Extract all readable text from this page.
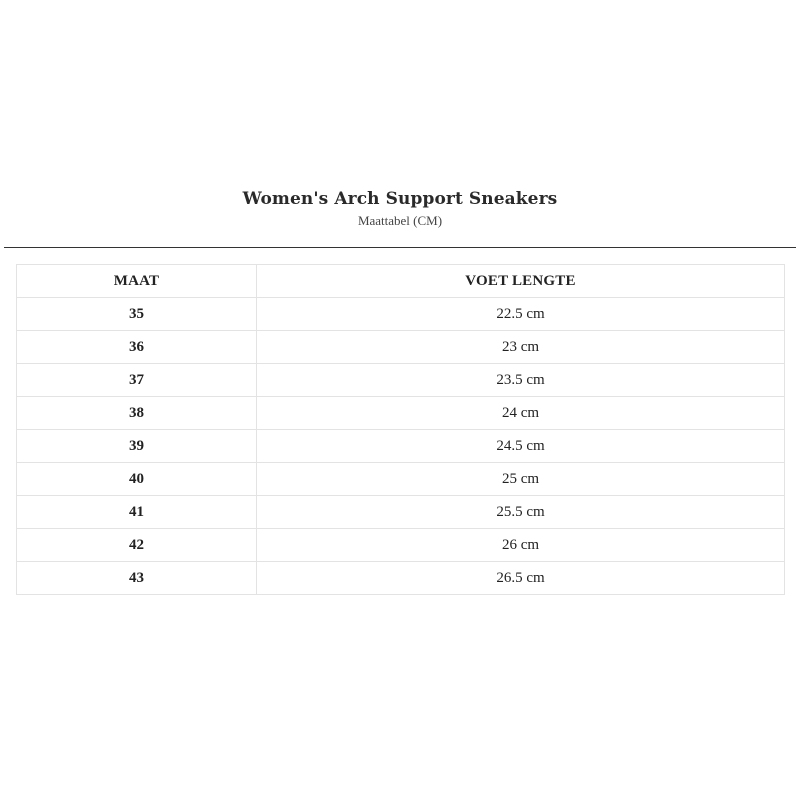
Women's Arch Support Sneakers
Maattabel (CM)
MAAT	VOET LENGTE
35	22.5 cm
36	23 cm
37	23.5 cm
38	24 cm
39	24.5 cm
40	25 cm
41	25.5 cm
42	26 cm
43	26.5 cm
